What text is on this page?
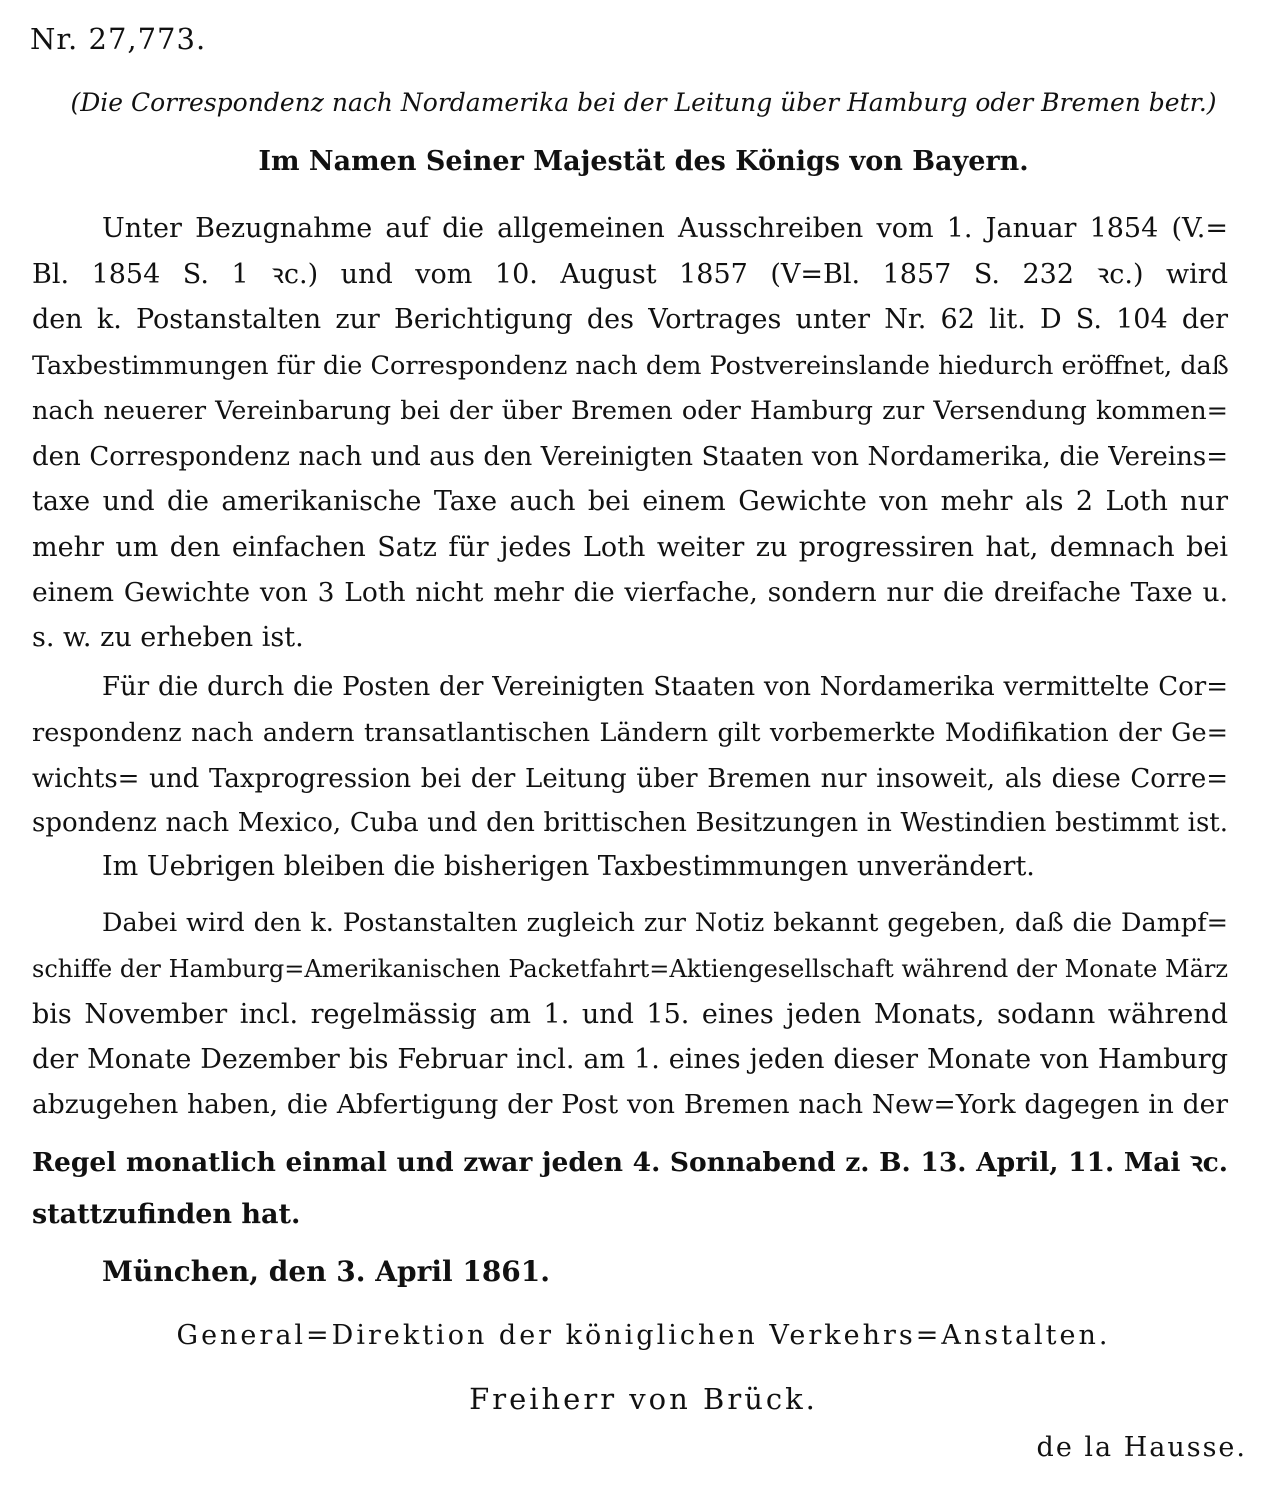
Nr. 27,773.
(Die Correspondenz nach Nordamerika bei der Leitung über Hamburg oder Bremen betr.)
Im Namen Seiner Majestät des Königs von Bayern.
Unter Bezugnahme auf die allgemeinen Ausschreiben vom 1. Januar 1854 (V.=
Bl. 1854 S. 1 ꝛc.) und vom 10. August 1857 (V=Bl. 1857 S. 232 ꝛc.) wird
den k. Postanstalten zur Berichtigung des Vortrages unter Nr. 62 lit. D S. 104 der
Taxbestimmungen für die Correspondenz nach dem Postvereinslande hiedurch eröffnet, daß
nach neuerer Vereinbarung bei der über Bremen oder Hamburg zur Versendung kommen=
den Correspondenz nach und aus den Vereinigten Staaten von Nordamerika, die Vereins=
taxe und die amerikanische Taxe auch bei einem Gewichte von mehr als 2 Loth nur
mehr um den einfachen Satz für jedes Loth weiter zu progressiren hat, demnach bei
einem Gewichte von 3 Loth nicht mehr die vierfache, sondern nur die dreifache Taxe u.
s. w. zu erheben ist.
Für die durch die Posten der Vereinigten Staaten von Nordamerika vermittelte Cor=
respondenz nach andern transatlantischen Ländern gilt vorbemerkte Modifikation der Ge=
wichts= und Taxprogression bei der Leitung über Bremen nur insoweit, als diese Corre=
spondenz nach Mexico, Cuba und den brittischen Besitzungen in Westindien bestimmt ist.
Im Uebrigen bleiben die bisherigen Taxbestimmungen unverändert.
Dabei wird den k. Postanstalten zugleich zur Notiz bekannt gegeben, daß die Dampf=
schiffe der Hamburg=Amerikanischen Packetfahrt=Aktiengesellschaft während der Monate März
bis November incl. regelmässig am 1. und 15. eines jeden Monats, sodann während
der Monate Dezember bis Februar incl. am 1. eines jeden dieser Monate von Hamburg
abzugehen haben, die Abfertigung der Post von Bremen nach New=York dagegen in der
Regel monatlich einmal und zwar jeden 4. Sonnabend z. B. 13. April, 11. Mai ꝛc.
stattzufinden hat.
München, den 3. April 1861.
General=Direktion der königlichen Verkehrs=Anstalten.
Freiherr von Brück.
de la Hausse.
